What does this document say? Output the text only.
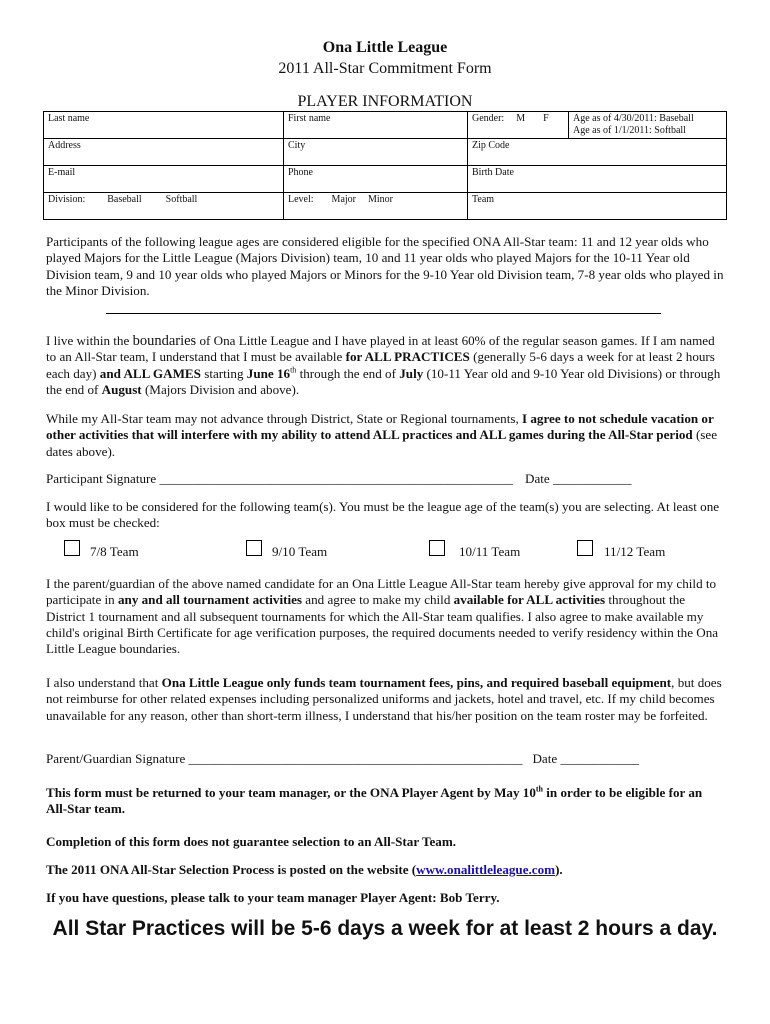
Ona Little League
2011 All-Star Commitment Form
PLAYER INFORMATION
Last name	First name	Gender: M F	Age as of 4/30/2011: Baseball
Age as of 1/1/2011: Softball

Address	City	Zip Code	
E-mail	Phone	Birth Date	
Division: Baseball Softball	Level: Major Minor	Team	

Participants of the following league ages are considered eligible for the specified ONA All-Star team: 11 and 12 year olds who played Majors for the Little League (Majors Division) team, 10 and 11 year olds who played Majors for the 10-11 Year old Division team, 9 and 10 year olds who played Majors or Minors for the 9-10 Year old Division team, 7-8 year olds who played in the Minor Division.

I live within the boundaries of Ona Little League and I have played in at least 60% of the regular season games. If I am named to an All-Star team, I understand that I must be available for ALL PRACTICES (generally 5-6 days a week for at least 2 hours each day) and ALL GAMES starting June 16th through the end of July (10-11 Year old and 9-10 Year old Divisions) or through the end of August (Majors Division and above).

While my All-Star team may not advance through District, State or Regional tournaments, I agree to not schedule vacation or other activities that will interfere with my ability to attend ALL practices and ALL games during the All-Star period (see dates above).

Participant Signature ______________________________________________________ Date ____________

I would like to be considered for the following team(s). You must be the league age of the team(s) you are selecting. At least one box must be checked:

7/8 Team	9/10 Team	10/11 Team	11/12 Team

I the parent/guardian of the above named candidate for an Ona Little League All-Star team hereby give approval for my child to participate in any and all tournament activities and agree to make my child available for ALL activities throughout the District 1 tournament and all subsequent tournaments for which the All-Star team qualifies. I also agree to make available my child's original Birth Certificate for age verification purposes, the required documents needed to verify residency within the Ona Little League boundaries.

I also understand that Ona Little League only funds team tournament fees, pins, and required baseball equipment, but does not reimburse for other related expenses including personalized uniforms and jackets, hotel and travel, etc. If my child becomes unavailable for any reason, other than short-term illness, I understand that his/her position on the team roster may be forfeited.

Parent/Guardian Signature ___________________________________________________ Date ____________

This form must be returned to your team manager, or the ONA Player Agent by May 10th in order to be eligible for an All-Star team.

Completion of this form does not guarantee selection to an All-Star Team.

The 2011 ONA All-Star Selection Process is posted on the website (www.onalittleleague.com).

If you have questions, please talk to your team manager Player Agent: Bob Terry.

All Star Practices will be 5-6 days a week for at least 2 hours a day.
